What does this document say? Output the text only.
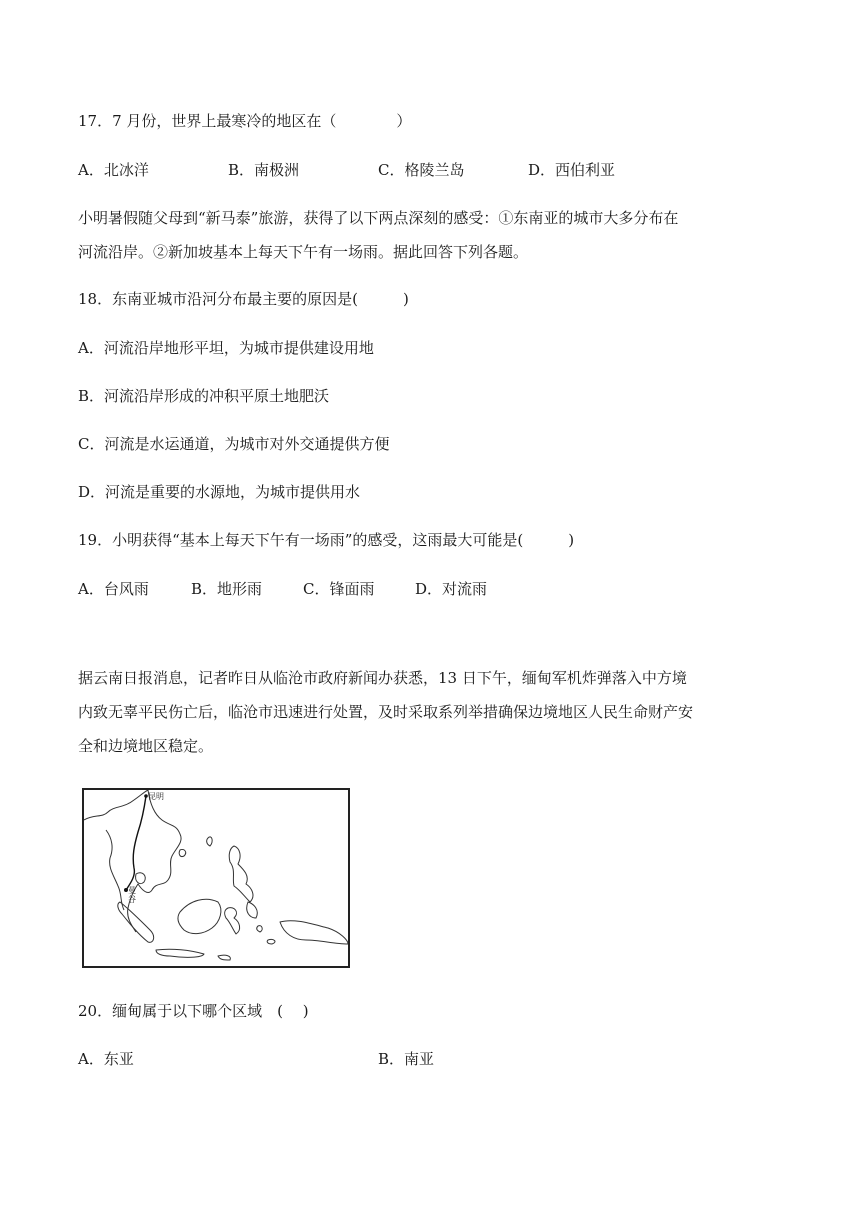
17．7 月份，世界上最寒冷的地区在（　　　　）
A．北冰洋	B．南极洲	C．格陵兰岛	D．西伯利亚
小明暑假随父母到“新马泰”旅游，获得了以下两点深刻的感受：①东南亚的城市大多分布在
河流沿岸。②新加坡基本上每天下午有一场雨。据此回答下列各题。
18．东南亚城市沿河分布最主要的原因是(　　　)
A．河流沿岸地形平坦，为城市提供建设用地
B．河流沿岸形成的冲积平原土地肥沃
C．河流是水运通道，为城市对外交通提供方便
D．河流是重要的水源地，为城市提供用水
19．小明获得“基本上每天下午有一场雨”的感受，这雨最大可能是(　　　)
A．台风雨	B．地形雨	C．锋面雨	D．对流雨
据云南日报消息，记者昨日从临沧市政府新闻办获悉，13 日下午，缅甸军机炸弹落入中方境
内致无辜平民伤亡后，临沧市迅速进行处置，及时采取系列举措确保边境地区人民生命财产安
全和边境地区稳定。
昆明
曼谷
20．缅甸属于以下哪个区域　( 　)
A．东亚	B．南亚
